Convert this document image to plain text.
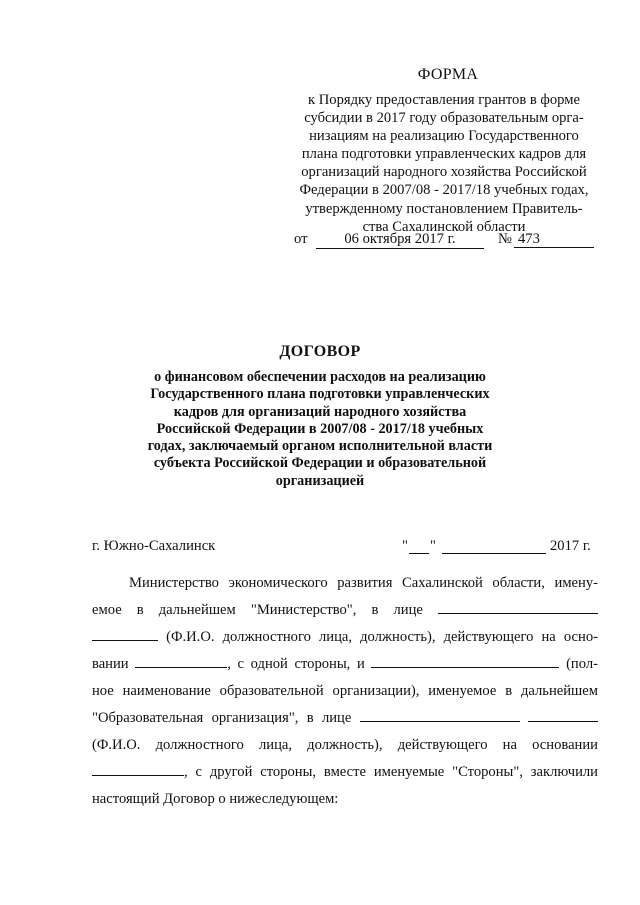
ФОРМА
к Порядку предоставления грантов в форме
субсидии в 2017 году образовательным орга-
низациям на реализацию Государственного
плана подготовки управленческих кадров для
организаций народного хозяйства Российской
Федерации в 2007/08 - 2017/18 учебных годах,
утвержденному постановлением Правитель-
ства Сахалинской области
от	06 октября 2017 г.	№ 473
ДОГОВОР
о финансовом обеспечении расходов на реализацию
Государственного плана подготовки управленческих
кадров для организаций народного хозяйства
Российской Федерации в 2007/08 - 2017/18 учебных
годах, заключаемый органом исполнительной власти
субъекта Российской Федерации и образовательной
организацией
г. Южно-Сахалинск	" "	2017 г.
Министерство экономического развития Сахалинской области, имену-
емое в дальнейшем "Министерство", в лице
(Ф.И.О. должностного лица, должность), действующего на осно-
вании	, с одной стороны, и	(пол-
ное наименование образовательной организации), именуемое в дальнейшем
"Образовательная организация", в лице
(Ф.И.О. должностного лица, должность), действующего на основании
, с другой стороны, вместе именуемые "Стороны", заключили
настоящий Договор о нижеследующем:
